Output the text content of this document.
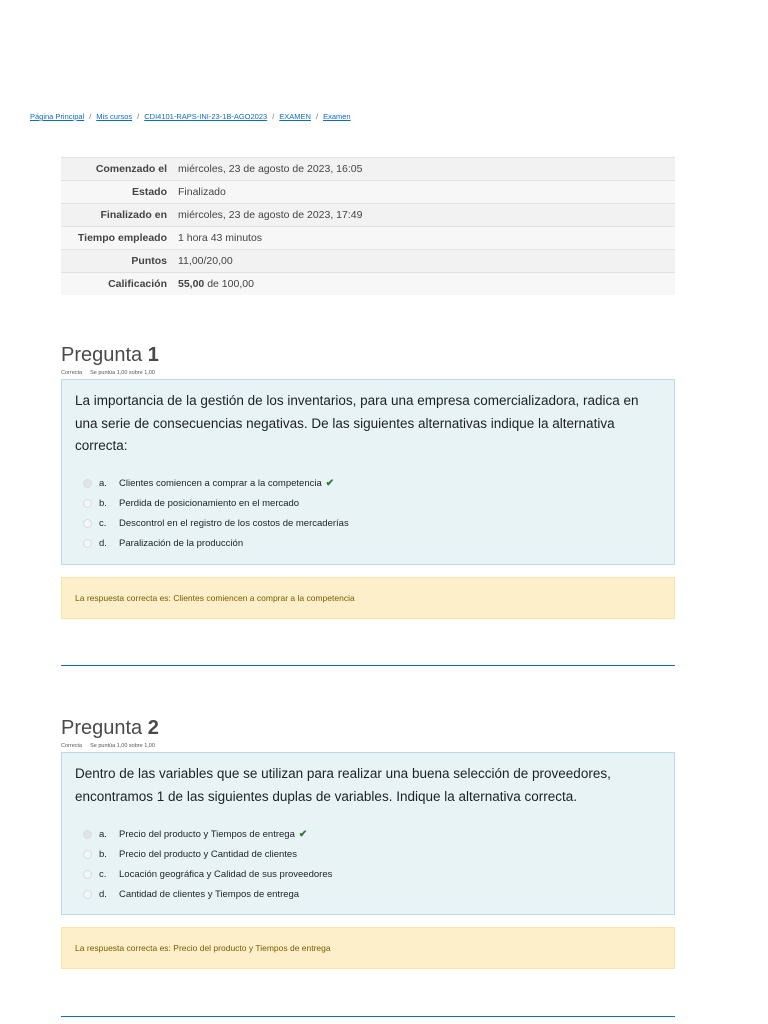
Página Principal / Mis cursos / CDI4101-RAPS-INI-23-1B-AGO2023 / EXAMEN / Examen
Comenzado el	miércoles, 23 de agosto de 2023, 16:05
Estado	Finalizado
Finalizado en	miércoles, 23 de agosto de 2023, 17:49
Tiempo empleado	1 hora 43 minutos
Puntos	11,00/20,00
Calificación	55,00 de 100,00
Pregunta 1
Correcta Se puntúa 1,00 sobre 1,00

La importancia de la gestión de los inventarios, para una empresa comercializadora, radica en una serie de consecuencias negativas. De las siguientes alternativas indique la alternativa correcta:

a.	Clientes comiencen a comprar a la competencia ✔
b.	Perdida de posicionamiento en el mercado
c.	Descontrol en el registro de los costos de mercaderías
d.	Paralización de la producción
La respuesta correcta es: Clientes comiencen a comprar a la competencia
Pregunta 2
Correcta Se puntúa 1,00 sobre 1,00

Dentro de las variables que se utilizan para realizar una buena selección de proveedores, encontramos 1 de las siguientes duplas de variables. Indique la alternativa correcta.

a.	Precio del producto y Tiempos de entrega ✔
b.	Precio del producto y Cantidad de clientes
c.	Locación geográfica y Calidad de sus proveedores
d.	Cantidad de clientes y Tiempos de entrega
La respuesta correcta es: Precio del producto y Tiempos de entrega
